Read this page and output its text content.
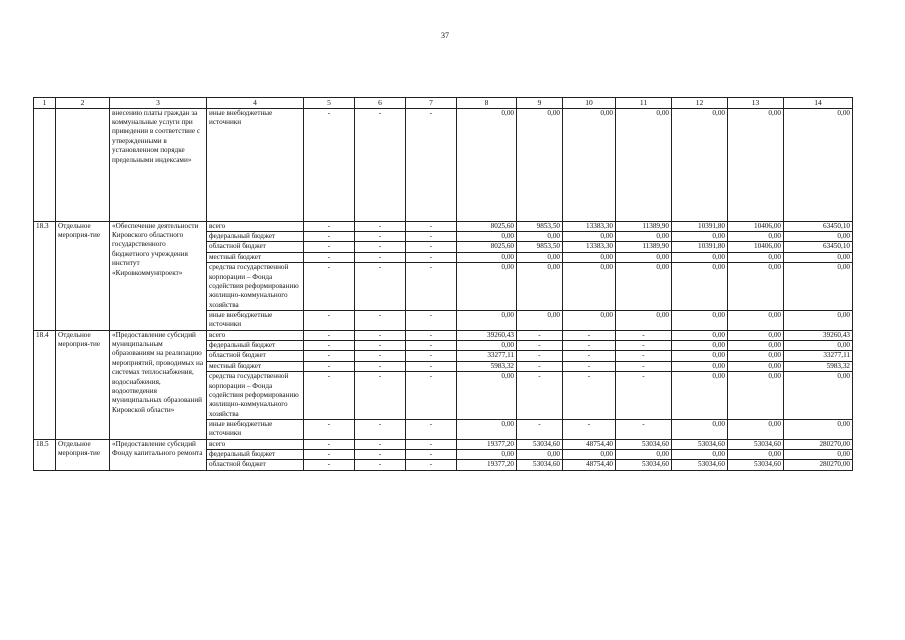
37
1	2	3	4	5	6	7	8	9	10	11	12	13	14
		внесению платы граждан за коммунальные услуги при приведении в соответствие с утвержденными в установленном порядке предельными индексами»	иные внебюджетные источники	-	-	-	0,00	0,00	0,00	0,00	0,00	0,00	0,00
18.3	Отдельное мероприя-тие	«Обеспечение деятельности Кировского областного государственного бюджетного учреждения институт «Кировкоммунпроект»	всего	-	-	-	8025,60	9853,50	13383,30	11389,90	10391,80	10406,00	63450,10
			федеральный бюджет	-	-	-	0,00	0,00	0,00	0,00	0,00	0,00	0,00
			областной бюджет	-	-	-	8025,60	9853,50	13383,30	11389,90	10391,80	10406,00	63450,10
			местный бюджет	-	-	-	0,00	0,00	0,00	0,00	0,00	0,00	0,00
			средства государственной корпорации – Фонда содействия реформированию жилищно-коммунального хозяйства	-	-	-	0,00	0,00	0,00	0,00	0,00	0,00	0,00
			иные внебюджетные источники	-	-	-	0,00	0,00	0,00	0,00	0,00	0,00	0,00
18.4	Отдельное мероприя-тие	«Предоставление субсидий муниципальным образованиям на реализацию мероприятий, проводимых на системах теплоснабжения, водоснабжения, водоотведения муниципальных образований Кировской области»	всего	-	-	-	39260,43	-	-	-	0,00	0,00	39260,43
			федеральный бюджет	-	-	-	0,00	-	-	-	0,00	0,00	0,00
			областной бюджет	-	-	-	33277,11	-	-	-	0,00	0,00	33277,11
			местный бюджет	-	-	-	5983,32	-	-	-	0,00	0,00	5983,32
			средства государственной корпорации – Фонда содействия реформированию жилищно-коммунального хозяйства	-	-	-	0,00	-	-	-	0,00	0,00	0,00
			иные внебюджетные источники	-	-	-	0,00	-	-	-	0,00	0,00	0,00
18.5	Отдельное мероприя-тие	«Предоставление субсидий Фонду капитального ремонта	всего	-	-	-	19377,20	53034,60	48754,40	53034,60	53034,60	53034,60	280270,00
			федеральный бюджет	-	-	-	0,00	0,00	0,00	0,00	0,00	0,00	0,00
			областной бюджет	-	-	-	19377,20	53034,60	48754,40	53034,60	53034,60	53034,60	280270,00
